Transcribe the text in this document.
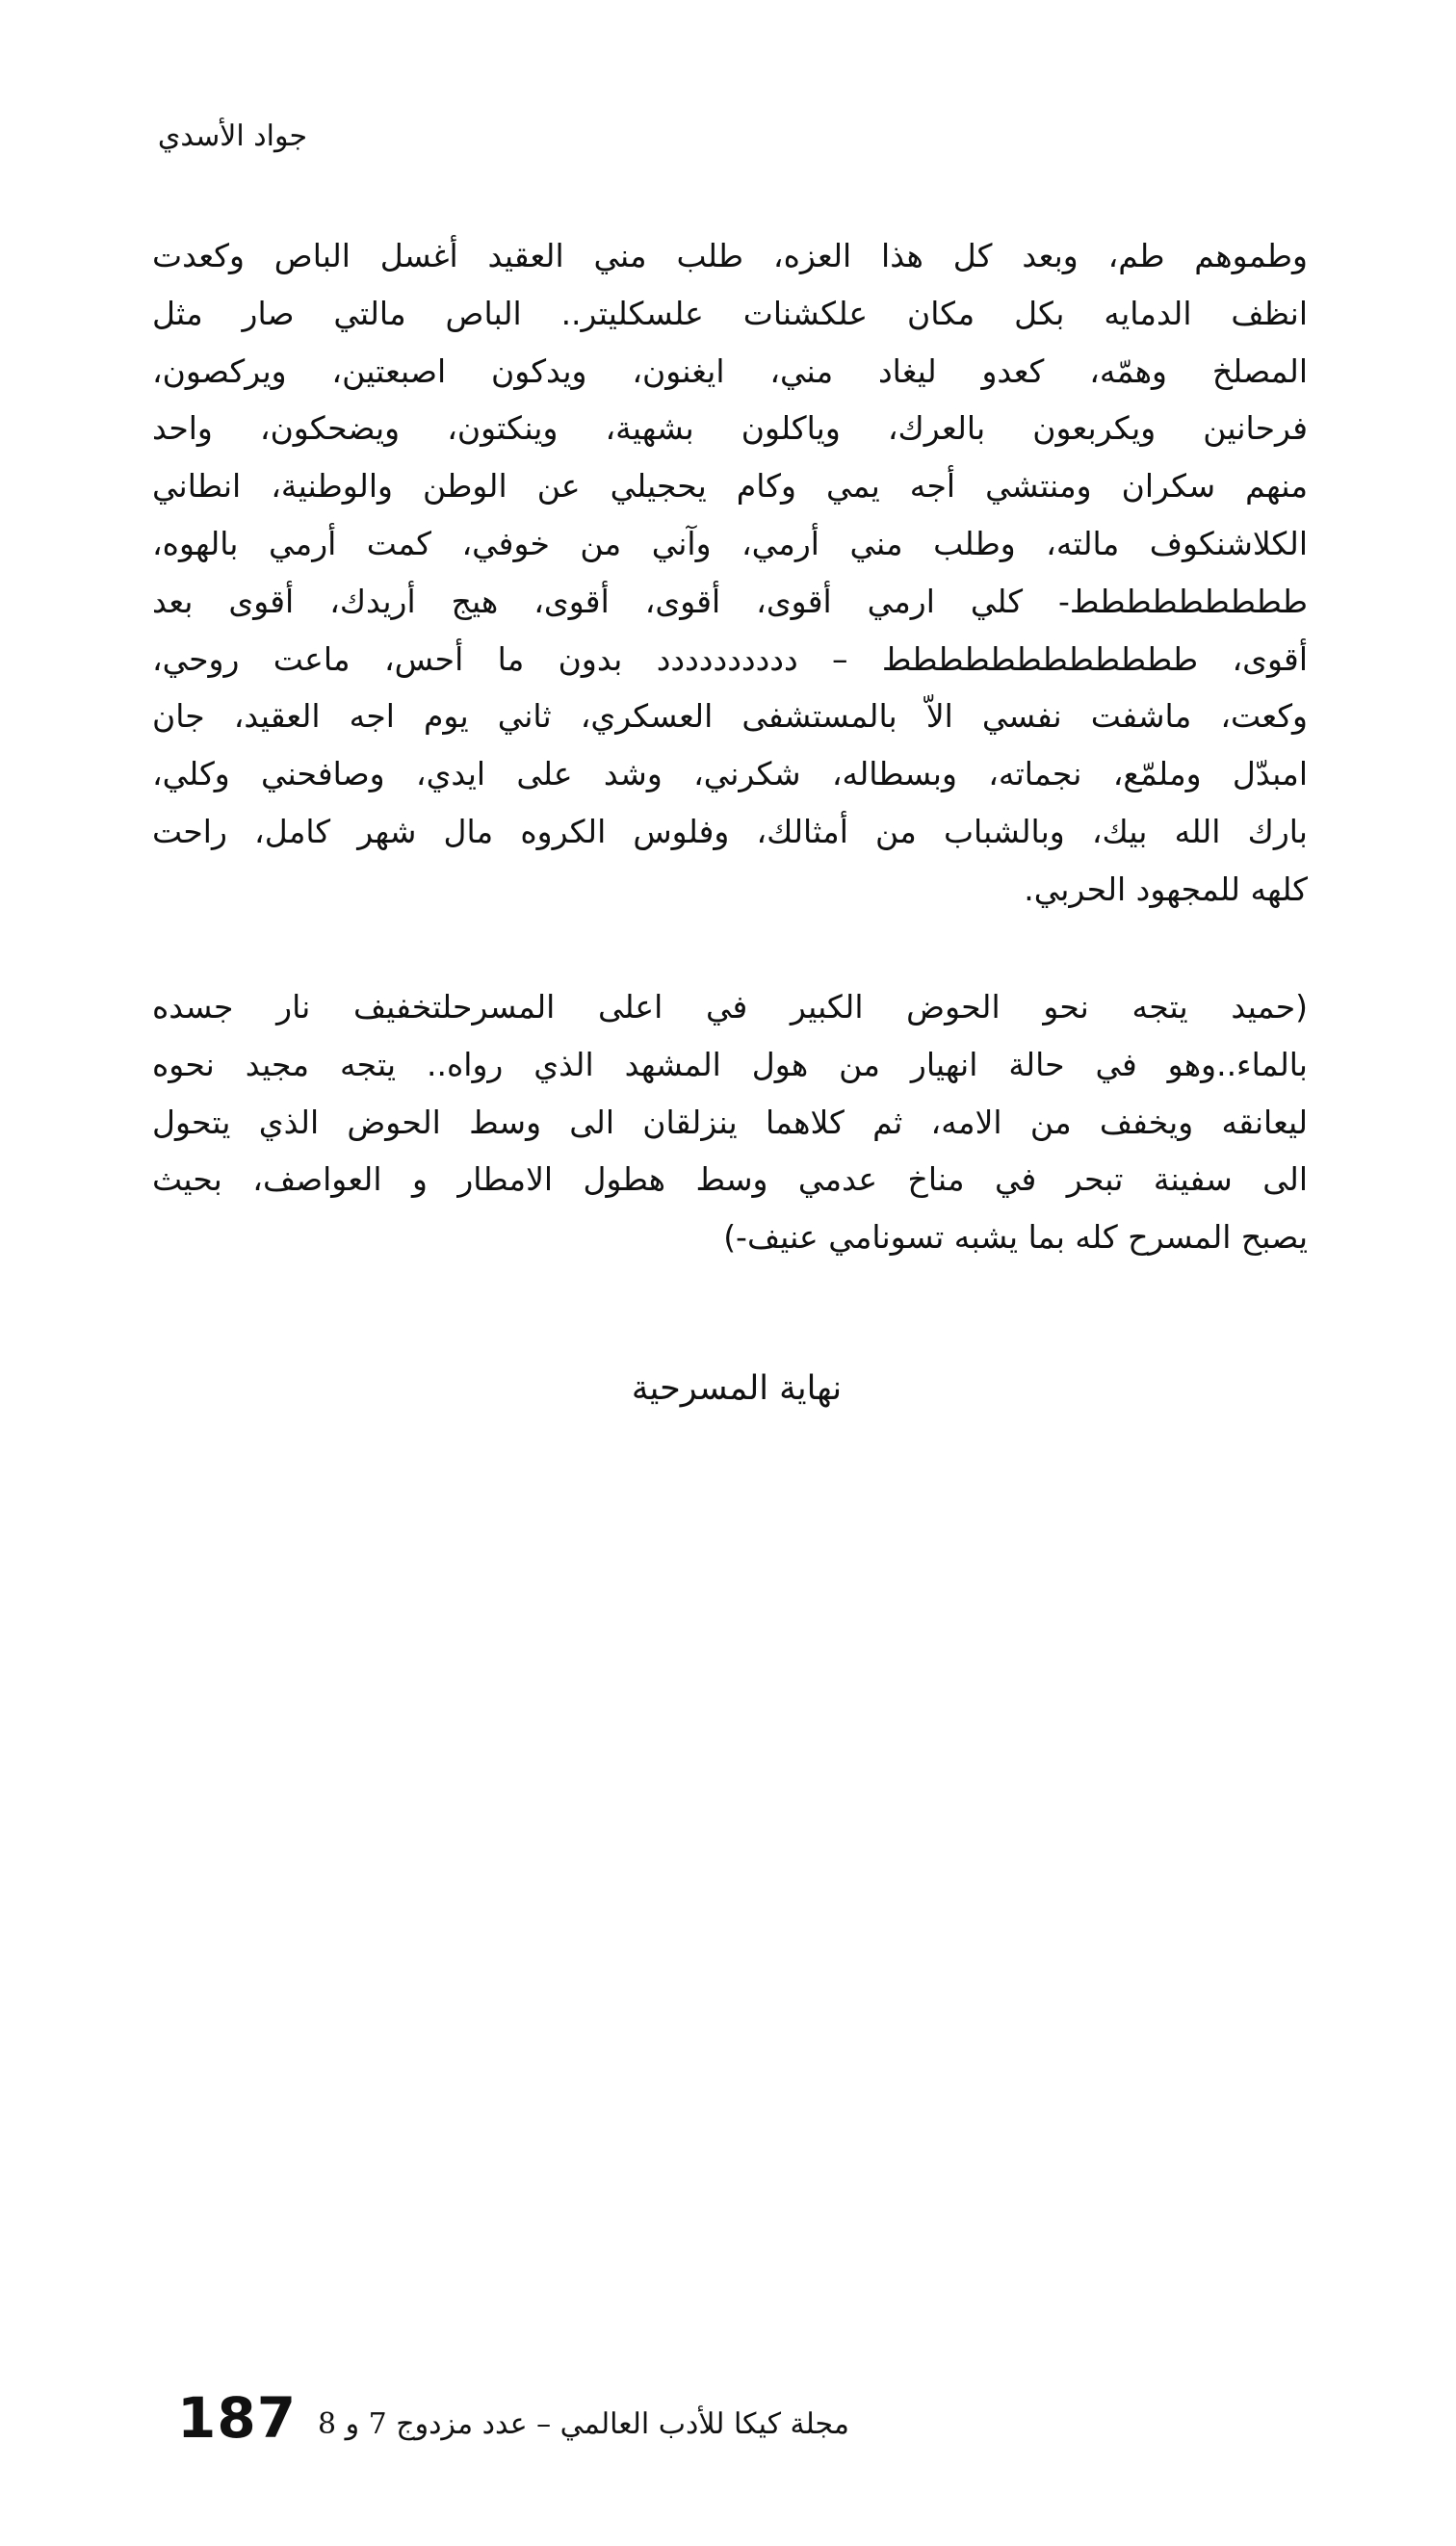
جواد الأسدي
وطموهم طم، وبعد كل هذا العزه، طلب مني العقيد أغسل الباص وكعدت
انظف الدمايه بكل مكان علكشنات علسكليتر.. الباص مالتي صار مثل
المصلخ وهمّه، كعدو ليغاد مني، ايغنون، ويدكون اصبعتين، ويركصون،
فرحانين ويكربعون بالعرك، وياكلون بشهية، وينكتون، ويضحكون، واحد
منهم سكران ومنتشي أجه يمي وكام يحجيلي عن الوطن والوطنية، انطاني
الكلاشنكوف مالته، وطلب مني أرمي، وآني من خوفي، كمت أرمي بالهوه،
ططططططططط- كلي ارمي أقوى، أقوى، أقوى، هيج أريدك، أقوى بعد
أقوى، طططططططططططط – دددددددددد بدون ما أحس، ماعت روحي،
وكعت، ماشفت نفسي الاّ بالمستشفى العسكري، ثاني يوم اجه العقيد، جان
امبدّل وملمّع، نجماته، وبسطاله، شكرني، وشد على ايدي، وصافحني وكلي،
بارك الله بيك، وبالشباب من أمثالك، وفلوس الكروه مال شهر كامل، راحت
كلهه للمجهود الحربي.
(حميد يتجه نحو الحوض الكبير في اعلى المسرحلتخفيف نار جسده
بالماء..وهو في حالة انهيار من هول المشهد الذي رواه.. يتجه مجيد نحوه
ليعانقه ويخفف من الامه، ثم كلاهما ينزلقان الى وسط الحوض الذي يتحول
الى سفينة تبحر في مناخ عدمي وسط هطول الامطار و العواصف، بحيث
يصبح المسرح كله بما يشبه تسونامي عنيف-)
نهاية المسرحية
مجلة كيكا للأدب العالمي – عدد مزدوج 7 و 8
187
